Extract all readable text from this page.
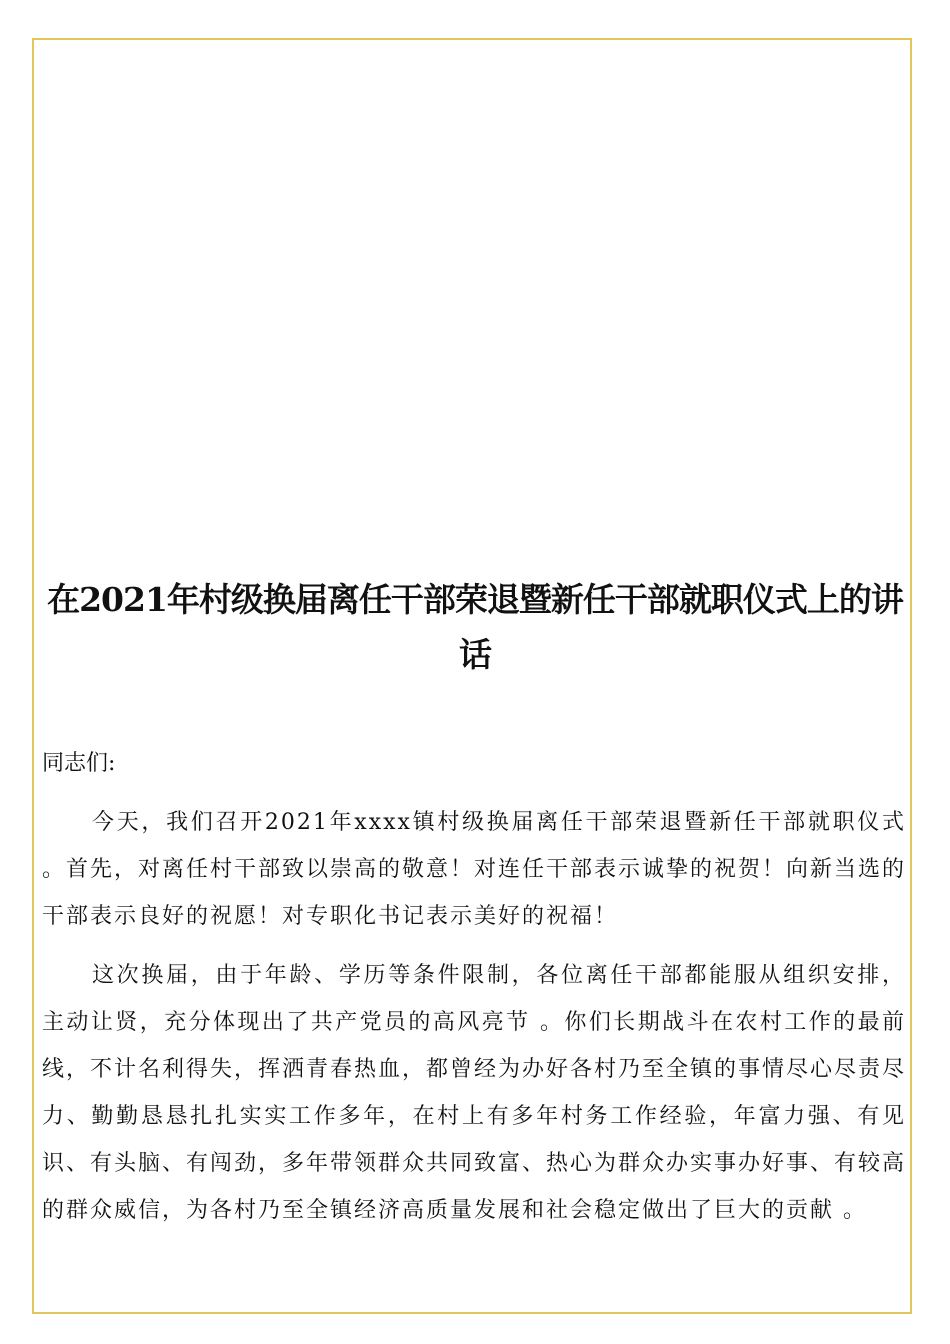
在2021年村级换届离任干部荣退暨新任干部就职仪式上的讲话

同志们:

今天，我们召开2021年xxxx镇村级换届离任干部荣退暨新任干部就职仪式 。首先，对离任村干部致以崇高的敬意！对连任干部表示诚挚的祝贺！向新当选的干部表示良好的祝愿！对专职化书记表示美好的祝福！

这次换届，由于年龄、学历等条件限制，各位离任干部都能服从组织安排，主动让贤，充分体现出了共产党员的高风亮节 。你们长期战斗在农村工作的最前线，不计名利得失，挥洒青春热血，都曾经为办好各村乃至全镇的事情尽心尽责尽力、勤勤恳恳扎扎实实工作多年，在村上有多年村务工作经验，年富力强、有见识、有头脑、有闯劲，多年带领群众共同致富、热心为群众办实事办好事、有较高的群众威信，为各村乃至全镇经济高质量发展和社会稳定做出了巨大的贡献 。
